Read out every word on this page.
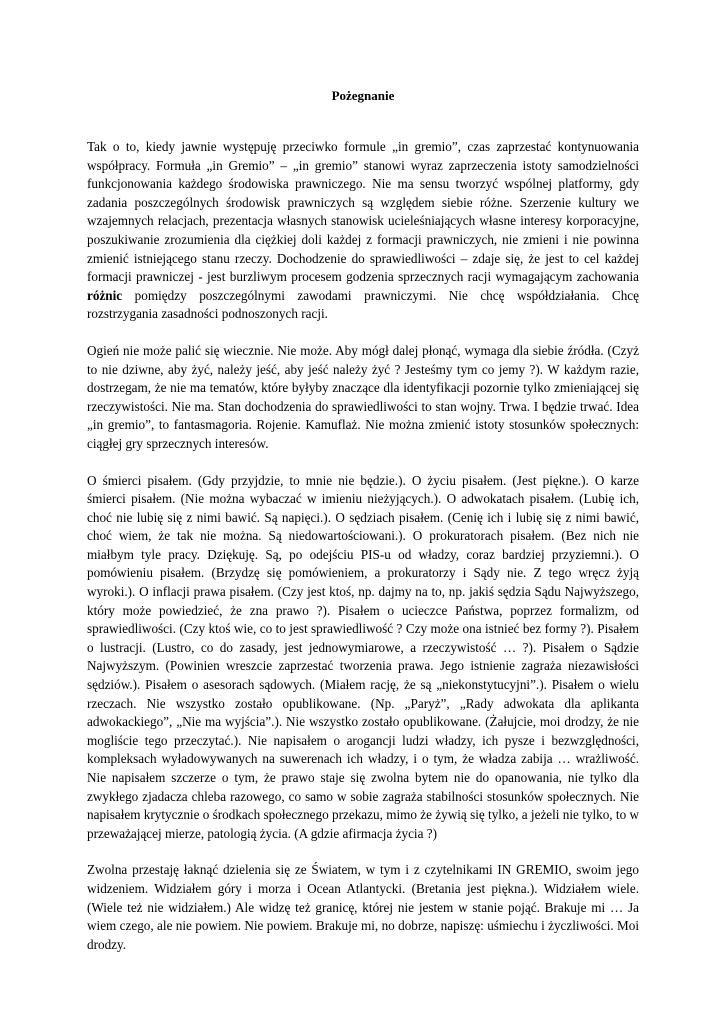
Pożegnanie

Tak o to, kiedy jawnie występuję przeciwko formule „in gremio”, czas zaprzestać kontynuowania współpracy. Formuła „in Gremio” – „in gremio” stanowi wyraz zaprzeczenia istoty samodzielności funkcjonowania każdego środowiska prawniczego. Nie ma sensu tworzyć wspólnej platformy, gdy zadania poszczególnych środowisk prawniczych są względem siebie różne. Szerzenie kultury we wzajemnych relacjach, prezentacja własnych stanowisk ucieleśniających własne interesy korporacyjne, poszukiwanie zrozumienia dla ciężkiej doli każdej z formacji prawniczych, nie zmieni i nie powinna zmienić istniejącego stanu rzeczy. Dochodzenie do sprawiedliwości – zdaje się, że jest to cel każdej formacji prawniczej - jest burzliwym procesem godzenia sprzecznych racji wymagającym zachowania różnic pomiędzy poszczególnymi zawodami prawniczymi. Nie chcę współdziałania. Chcę rozstrzygania zasadności podnoszonych racji.

Ogień nie może palić się wiecznie. Nie może. Aby mógł dalej płonąć, wymaga dla siebie źródła. (Czyż to nie dziwne, aby żyć, należy jeść, aby jeść należy żyć ? Jesteśmy tym co jemy ?). W każdym razie, dostrzegam, że nie ma tematów, które byłyby znaczące dla identyfikacji pozornie tylko zmieniającej się rzeczywistości. Nie ma. Stan dochodzenia do sprawiedliwości to stan wojny. Trwa. I będzie trwać. Idea „in gremio”, to fantasmagoria. Rojenie. Kamuflaż. Nie można zmienić istoty stosunków społecznych: ciągłej gry sprzecznych interesów.

O śmierci pisałem. (Gdy przyjdzie, to mnie nie będzie.). O życiu pisałem. (Jest piękne.). O karze śmierci pisałem. (Nie można wybaczać w imieniu nieżyjących.). O adwokatach pisałem. (Lubię ich, choć nie lubię się z nimi bawić. Są napięci.). O sędziach pisałem. (Cenię ich i lubię się z nimi bawić, choć wiem, że tak nie można. Są niedowartościowani.). O prokuratorach pisałem. (Bez nich nie miałbym tyle pracy. Dziękuję. Są, po odejściu PIS-u od władzy, coraz bardziej przyziemni.). O pomówieniu pisałem. (Brzydzę się pomówieniem, a prokuratorzy i Sądy nie. Z tego wręcz żyją wyroki.). O inflacji prawa pisałem. (Czy jest ktoś, np. dajmy na to, np. jakiś sędzia Sądu Najwyższego, który może powiedzieć, że zna prawo ?). Pisałem o ucieczce Państwa, poprzez formalizm, od sprawiedliwości. (Czy ktoś wie, co to jest sprawiedliwość ? Czy może ona istnieć bez formy ?). Pisałem o lustracji. (Lustro, co do zasady, jest jednowymiarowe, a rzeczywistość … ?). Pisałem o Sądzie Najwyższym. (Powinien wreszcie zaprzestać tworzenia prawa. Jego istnienie zagraża niezawisłości sędziów.). Pisałem o asesorach sądowych. (Miałem rację, że są „niekonstytucyjni”.). Pisałem o wielu rzeczach. Nie wszystko zostało opublikowane. (Np. „Paryż”, „Rady adwokata dla aplikanta adwokackiego”, „Nie ma wyjścia”.). Nie wszystko zostało opublikowane. (Żałujcie, moi drodzy, że nie mogliście tego przeczytać.). Nie napisałem o arogancji ludzi władzy, ich pysze i bezwzględności, kompleksach wyładowywanych na suwerenach ich władzy, i o tym, że władza zabija … wrażliwość. Nie napisałem szczerze o tym, że prawo staje się zwolna bytem nie do opanowania, nie tylko dla zwykłego zjadacza chleba razowego, co samo w sobie zagraża stabilności stosunków społecznych. Nie napisałem krytycznie o środkach społecznego przekazu, mimo że żywią się tylko, a jeżeli nie tylko, to w przeważającej mierze, patologią życia. (A gdzie afirmacja życia ?)

Zwolna przestaję łaknąć dzielenia się ze Światem, w tym i z czytelnikami IN GREMIO, swoim jego widzeniem. Widziałem góry i morza i Ocean Atlantycki. (Bretania jest piękna.). Widziałem wiele. (Wiele też nie widziałem.) Ale widzę też granicę, której nie jestem w stanie pojąć. Brakuje mi … Ja wiem czego, ale nie powiem. Nie powiem. Brakuje mi, no dobrze, napiszę: uśmiechu i życzliwości. Moi drodzy.
